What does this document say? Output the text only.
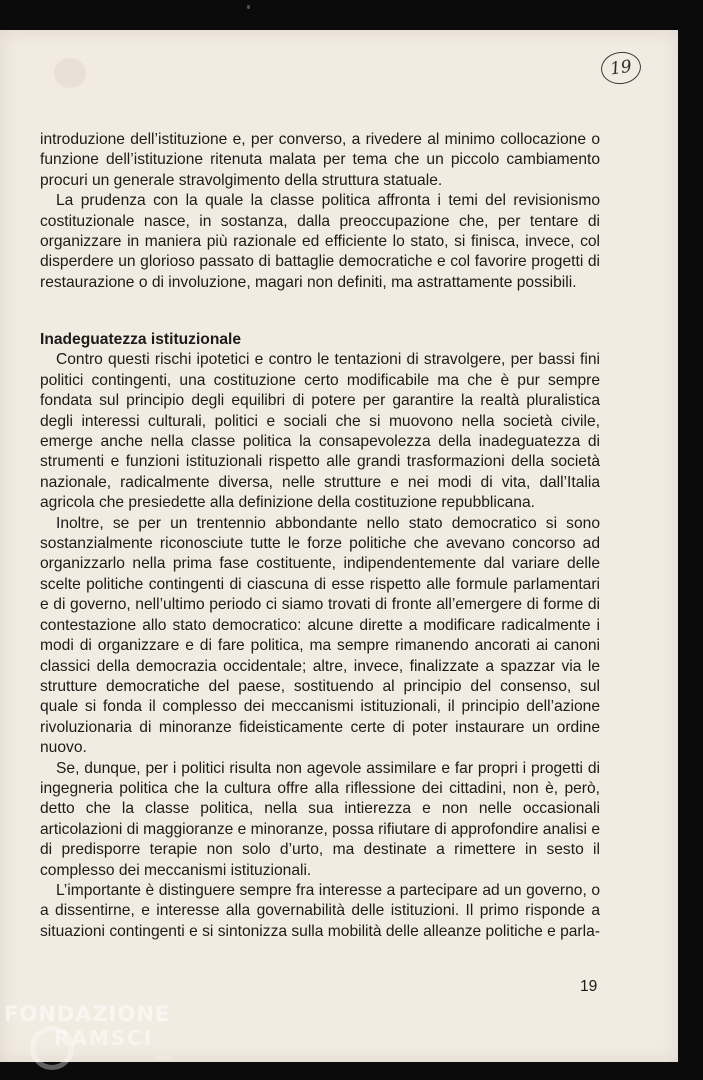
19

introduzione dell’istituzione e, per converso, a rivedere al minimo collocazione o funzione dell’istituzione ritenuta malata per tema che un piccolo cambiamento procuri un generale stravolgimento della struttura statuale.

La prudenza con la quale la classe politica affronta i temi del revisionismo costituzionale nasce, in sostanza, dalla preoccupazione che, per tentare di organizzare in maniera più razionale ed efficiente lo stato, si finisca, invece, col disperdere un glorioso passato di battaglie democratiche e col favorire progetti di restaurazione o di involuzione, magari non definiti, ma astrattamente possibili.

Inadeguatezza istituzionale

Contro questi rischi ipotetici e contro le tentazioni di stravolgere, per bassi fini politici contingenti, una costituzione certo modificabile ma che è pur sempre fondata sul principio degli equilibri di potere per garantire la realtà pluralistica degli interessi culturali, politici e sociali che si muovono nella società civile, emerge anche nella classe politica la consapevolezza della inadeguatezza di strumenti e funzioni istituzionali rispetto alle grandi trasformazioni della società nazionale, radicalmente diversa, nelle strutture e nei modi di vita, dall’Italia agricola che presiedette alla definizione della costituzione repubblicana.

Inoltre, se per un trentennio abbondante nello stato democratico si sono sostanzialmente riconosciute tutte le forze politiche che avevano concorso ad organizzarlo nella prima fase costituente, indipendentemente dal variare delle scelte politiche contingenti di ciascuna di esse rispetto alle formule parlamentari e di governo, nell’ultimo periodo ci siamo trovati di fronte all’emergere di forme di contestazione allo stato democratico: alcune dirette a modificare radicalmente i modi di organizzare e di fare politica, ma sempre rimanendo ancorati ai canoni classici della democrazia occidentale; altre, invece, finalizzate a spazzar via le strutture democratiche del paese, sostituendo al principio del consenso, sul quale si fonda il complesso dei meccanismi istituzionali, il principio dell’azione rivoluzionaria di minoranze fideisticamente certe di poter instaurare un ordine nuovo.

Se, dunque, per i politici risulta non agevole assimilare e far propri i progetti di ingegneria politica che la cultura offre alla riflessione dei cittadini, non è, però, detto che la classe politica, nella sua intierezza e non nelle occasionali articolazioni di maggioranze e minoranze, possa rifiutare di approfondire analisi e di predisporre terapie non solo d’urto, ma destinate a rimettere in sesto il complesso dei meccanismi istituzionali.

L’importante è distinguere sempre fra interesse a partecipare ad un governo, o a dissentirne, e interesse alla governabilità delle istituzioni. Il primo risponde a situazioni contingenti e si sintonizza sulla mobilità delle alleanze politiche e parla-

19
FONDAZIONE
RAMSCI
onlus
